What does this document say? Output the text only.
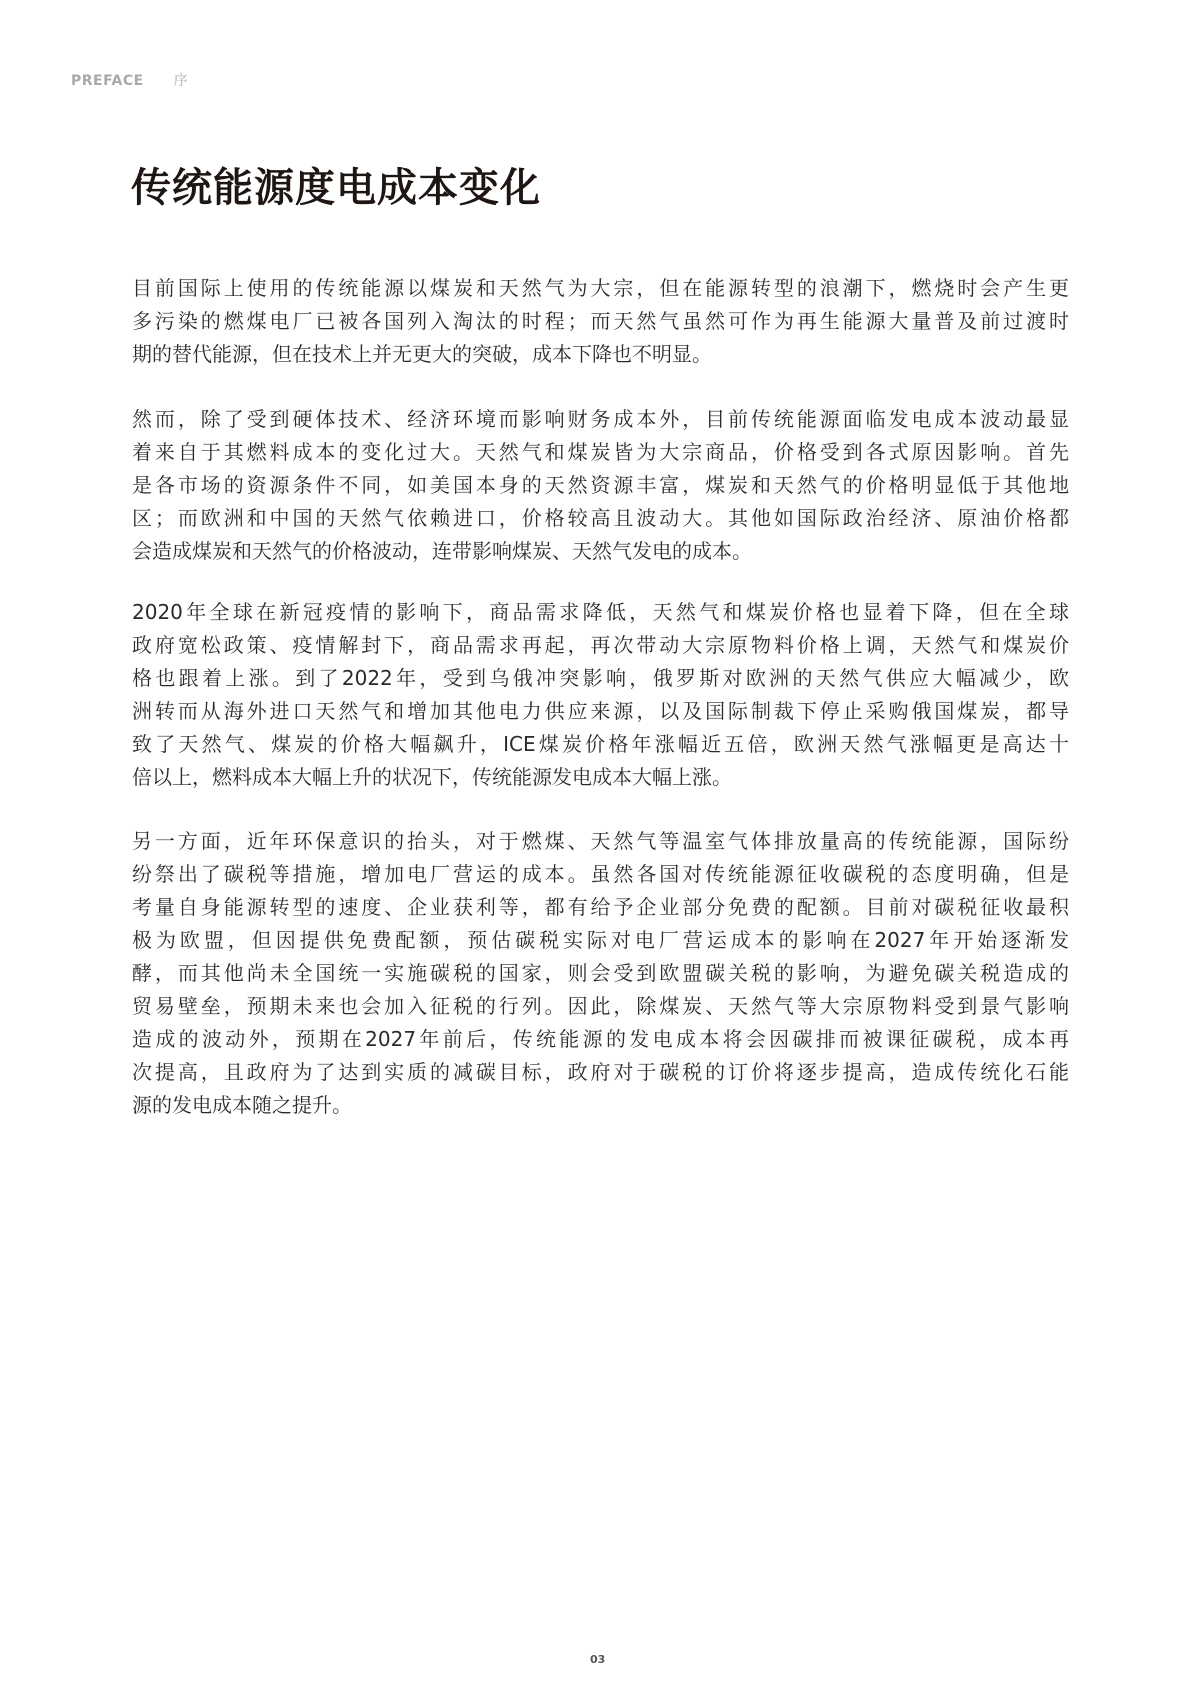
PREFACE 序
传统能源度电成本变化
目前国际上使用的传统能源以煤炭和天然气为大宗，但在能源转型的浪潮下，燃烧时会产生更
多污染的燃煤电厂已被各国列入淘汰的时程；而天然气虽然可作为再生能源大量普及前过渡时
期的替代能源，但在技术上并无更大的突破，成本下降也不明显。
然而，除了受到硬体技术、经济环境而影响财务成本外，目前传统能源面临发电成本波动最显
着来自于其燃料成本的变化过大。天然气和煤炭皆为大宗商品，价格受到各式原因影响。首先
是各市场的资源条件不同，如美国本身的天然资源丰富，煤炭和天然气的价格明显低于其他地
区；而欧洲和中国的天然气依赖进口，价格较高且波动大。其他如国际政治经济、原油价格都
会造成煤炭和天然气的价格波动，连带影响煤炭、天然气发电的成本。
2020年全球在新冠疫情的影响下，商品需求降低，天然气和煤炭价格也显着下降，但在全球
政府宽松政策、疫情解封下，商品需求再起，再次带动大宗原物料价格上调，天然气和煤炭价
格也跟着上涨。到了2022年，受到乌俄冲突影响，俄罗斯对欧洲的天然气供应大幅减少，欧
洲转而从海外进口天然气和增加其他电力供应来源，以及国际制裁下停止采购俄国煤炭，都导
致了天然气、煤炭的价格大幅飙升，ICE煤炭价格年涨幅近五倍，欧洲天然气涨幅更是高达十
倍以上，燃料成本大幅上升的状况下，传统能源发电成本大幅上涨。
另一方面，近年环保意识的抬头，对于燃煤、天然气等温室气体排放量高的传统能源，国际纷
纷祭出了碳税等措施，增加电厂营运的成本。虽然各国对传统能源征收碳税的态度明确，但是
考量自身能源转型的速度、企业获利等，都有给予企业部分免费的配额。目前对碳税征收最积
极为欧盟，但因提供免费配额，预估碳税实际对电厂营运成本的影响在2027年开始逐渐发
酵，而其他尚未全国统一实施碳税的国家，则会受到欧盟碳关税的影响，为避免碳关税造成的
贸易壁垒，预期未来也会加入征税的行列。因此，除煤炭、天然气等大宗原物料受到景气影响
造成的波动外，预期在2027年前后，传统能源的发电成本将会因碳排而被课征碳税，成本再
次提高，且政府为了达到实质的减碳目标，政府对于碳税的订价将逐步提高，造成传统化石能
源的发电成本随之提升。
03
